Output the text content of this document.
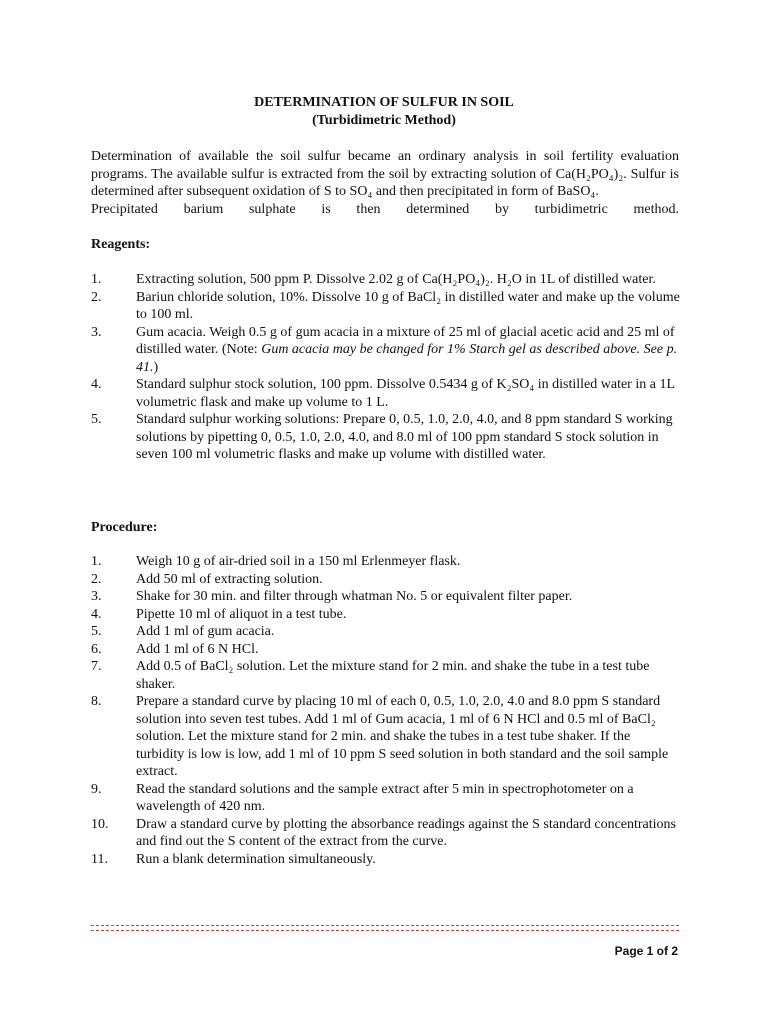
DETERMINATION OF SULFUR IN SOIL
(Turbidimetric Method)

Determination of available the soil sulfur became an ordinary analysis in soil fertility evaluation programs. The available sulfur is extracted from the soil by extracting solution of Ca(H₂PO₄)₂. Sulfur is determined after subsequent oxidation of S to SO₄ and then precipitated in form of BaSO₄.

Precipitated barium sulphate is then determined by turbidimetric method.

Reagents:
1.	Extracting solution, 500 ppm P. Dissolve 2.02 g of Ca(H₂PO₄)₂. H₂O in 1L of distilled water.
2.	Bariun chloride solution, 10%. Dissolve 10 g of BaCl₂ in distilled water and make up the volume to 100 ml.
3.	Gum acacia. Weigh 0.5 g of gum acacia in a mixture of 25 ml of glacial acetic acid and 25 ml of distilled water. (Note: Gum acacia may be changed for 1% Starch gel as described above. See p. 41.)
4.	Standard sulphur stock solution, 100 ppm. Dissolve 0.5434 g of K₂SO₄ in distilled water in a 1L volumetric flask and make up volume to 1 L.
5.	Standard sulphur working solutions: Prepare 0, 0.5, 1.0, 2.0, 4.0, and 8 ppm standard S working solutions by pipetting 0, 0.5, 1.0, 2.0, 4.0, and 8.0 ml of 100 ppm standard S stock solution in seven 100 ml volumetric flasks and make up volume with distilled water.
Procedure:
1.	Weigh 10 g of air-dried soil in a 150 ml Erlenmeyer flask.
2.	Add 50 ml of extracting solution.
3.	Shake for 30 min. and filter through whatman No. 5 or equivalent filter paper.
4.	Pipette 10 ml of aliquot in a test tube.
5.	Add 1 ml of gum acacia.
6.	Add 1 ml of 6 N HCl.
7.	Add 0.5 of BaCl₂ solution. Let the mixture stand for 2 min. and shake the tube in a test tube shaker.
8.	Prepare a standard curve by placing 10 ml of each 0, 0.5, 1.0, 2.0, 4.0 and 8.0 ppm S standard solution into seven test tubes. Add 1 ml of Gum acacia, 1 ml of 6 N HCl and 0.5 ml of BaCl₂ solution. Let the mixture stand for 2 min. and shake the tubes in a test tube shaker. If the turbidity is low is low, add 1 ml of 10 ppm S seed solution in both standard and the soil sample extract.
9.	Read the standard solutions and the sample extract after 5 min in spectrophotometer on a wavelength of 420 nm.
10.	Draw a standard curve by plotting the absorbance readings against the S standard concentrations and find out the S content of the extract from the curve.
11.	Run a blank determination simultaneously.
Page 1 of 2
